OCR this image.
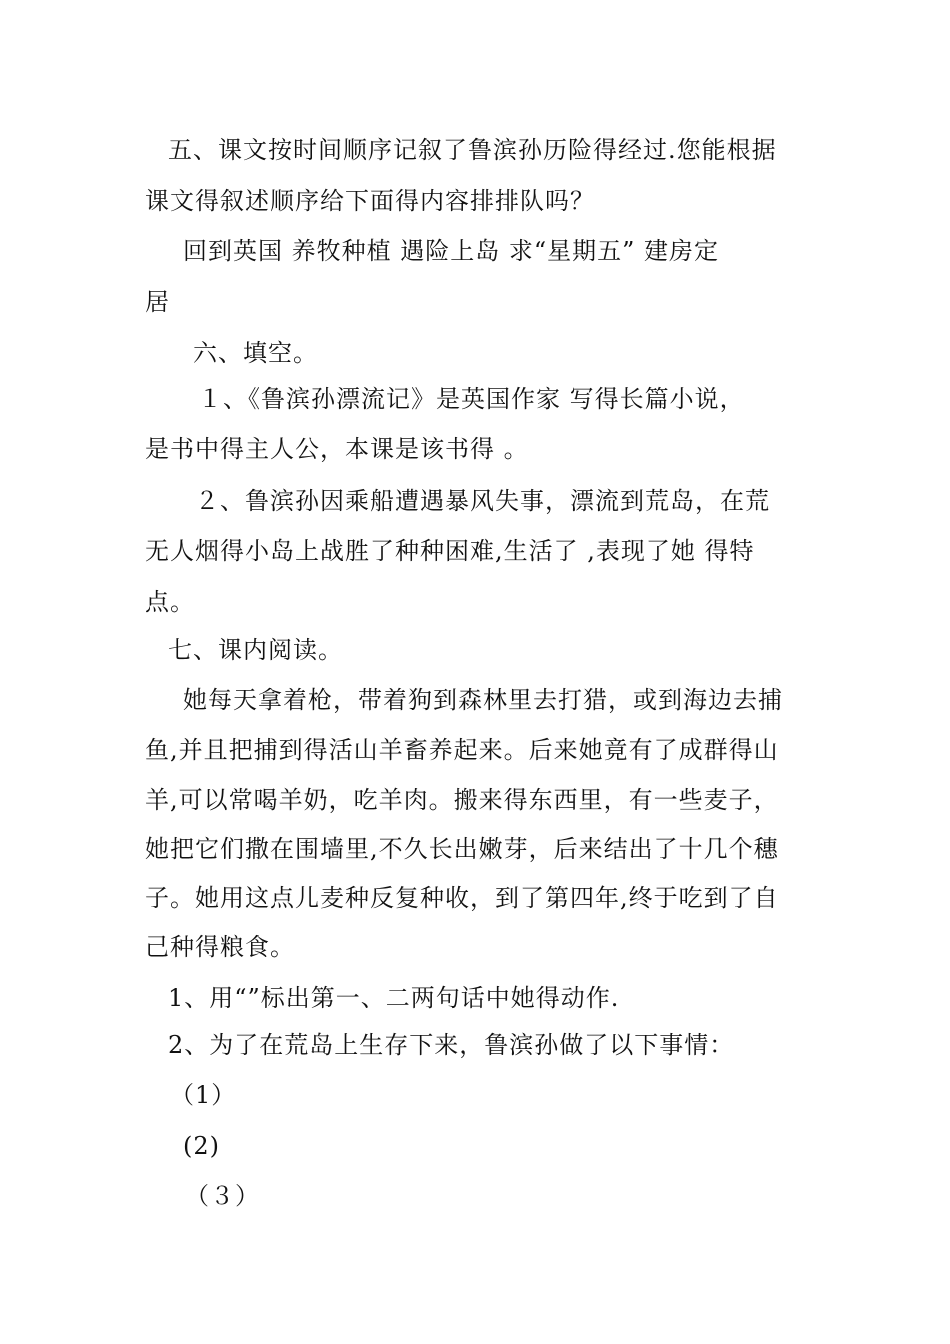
五、课文按时间顺序记叙了鲁滨孙历险得经过.您能根据
课文得叙述顺序给下面得内容排排队吗？
回到英国 养牧种植 遇险上岛 求“星期五” 建房定
居
六、填空。
１、《鲁滨孙漂流记》是英国作家 写得长篇小说，
是书中得主人公，本课是该书得 。
２、鲁滨孙因乘船遭遇暴风失事，漂流到荒岛，在荒
无人烟得小岛上战胜了种种困难,生活了 ,表现了她 得特
点。
七、课内阅读。
她每天拿着枪，带着狗到森林里去打猎，或到海边去捕
鱼,并且把捕到得活山羊畜养起来。后来她竟有了成群得山
羊,可以常喝羊奶，吃羊肉。搬来得东西里，有一些麦子，
她把它们撒在围墙里,不久长出嫩芽，后来结出了十几个穗
子。她用这点儿麦种反复种收，到了第四年,终于吃到了自
己种得粮食。
1、用“”标出第一、二两句话中她得动作.
2、为了在荒岛上生存下来，鲁滨孙做了以下事情：
（1）
(2)
（３）
